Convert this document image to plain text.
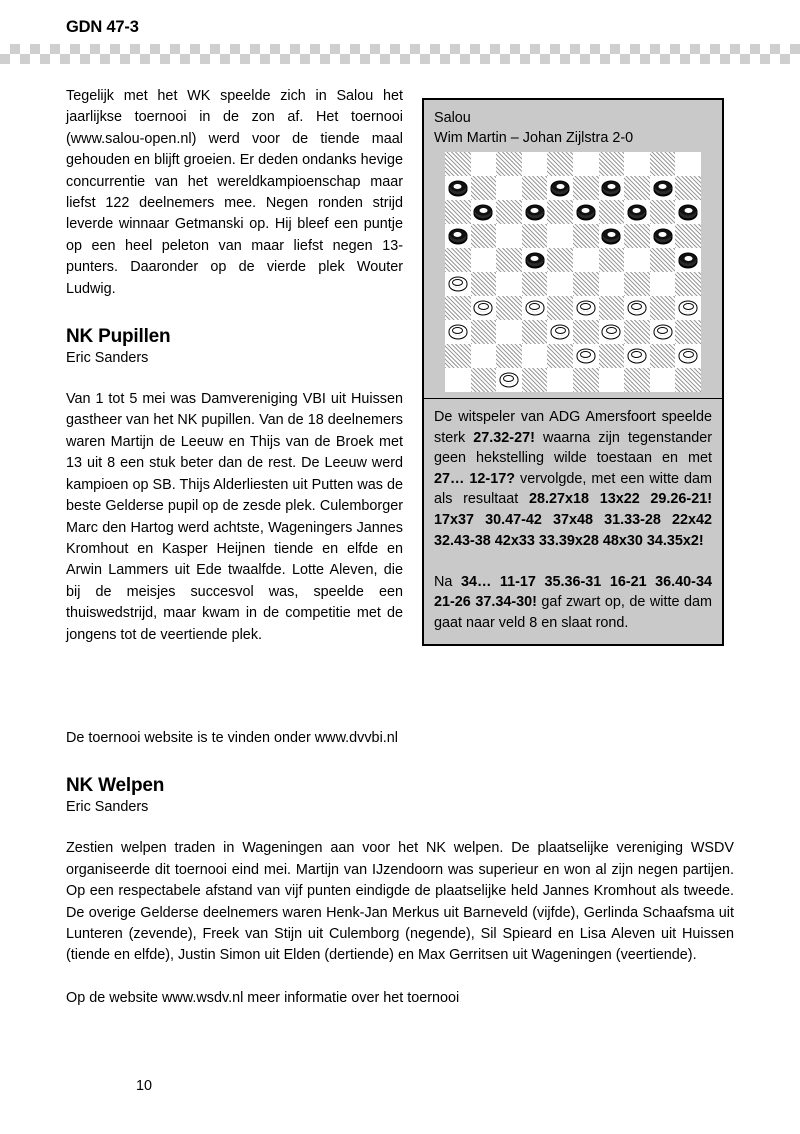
GDN 47-3

Tegelijk met het WK speelde zich in Salou het jaarlijkse toernooi in de zon af. Het toernooi (www.salou-open.nl) werd voor de tiende maal gehouden en blijft groeien. Er deden ondanks hevige concurrentie van het wereldkampioenschap maar liefst 122 deelnemers mee. Negen ronden strijd leverde winnaar Getmanski op. Hij bleef een puntje op een heel peleton van maar liefst negen 13-punters. Daaronder op de vierde plek Wouter Ludwig.

NK Pupillen

Eric Sanders

Van 1 tot 5 mei was Damvereniging VBI uit Huissen gastheer van het NK pupillen. Van de 18 deelnemers waren Martijn de Leeuw en Thijs van de Broek met 13 uit 8 een stuk beter dan de rest. De Leeuw werd kampioen op SB. Thijs Alderliesten uit Putten was de beste Gelderse pupil op de zesde plek. Culemborger Marc den Hartog werd achtste, Wageningers Jannes Kromhout en Kasper Heijnen tiende en elfde en Arwin Lammers uit Ede twaalfde. Lotte Aleven, die bij de meisjes succesvol was, speelde een thuiswedstrijd, maar kwam in de competitie met de jongens tot de veertiende plek.

Salou
Wim Martin – Johan Zijlstra 2-0

De witspeler van ADG Amersfoort speelde sterk 27.32-27! waarna zijn tegenstander geen hekstelling wilde toestaan en met 27… 12-17? vervolgde, met een witte dam als resultaat 28.27x18 13x22 29.26-21! 17x37 30.47-42 37x48 31.33-28 22x42 32.43-38 42x33 33.39x28 48x30 34.35x2!

Na 34… 11-17 35.36-31 16-21 36.40-34 21-26 37.34-30! gaf zwart op, de witte dam gaat naar veld 8 en slaat rond.

De toernooi website is te vinden onder www.dvvbi.nl

NK Welpen

Eric Sanders

Zestien welpen traden in Wageningen aan voor het NK welpen. De plaatselijke vereniging WSDV organiseerde dit toernooi eind mei. Martijn van IJzendoorn was superieur en won al zijn negen partijen. Op een respectabele afstand van vijf punten eindigde de plaatselijke held Jannes Kromhout als tweede. De overige Gelderse deelnemers waren Henk-Jan Merkus uit Barneveld (vijfde), Gerlinda Schaafsma uit Lunteren (zevende), Freek van Stijn uit Culemborg (negende), Sil Spieard en Lisa Aleven uit Huissen (tiende en elfde), Justin Simon uit Elden (dertiende) en Max Gerritsen uit Wageningen (veertiende).

Op de website www.wsdv.nl meer informatie over het toernooi

10
